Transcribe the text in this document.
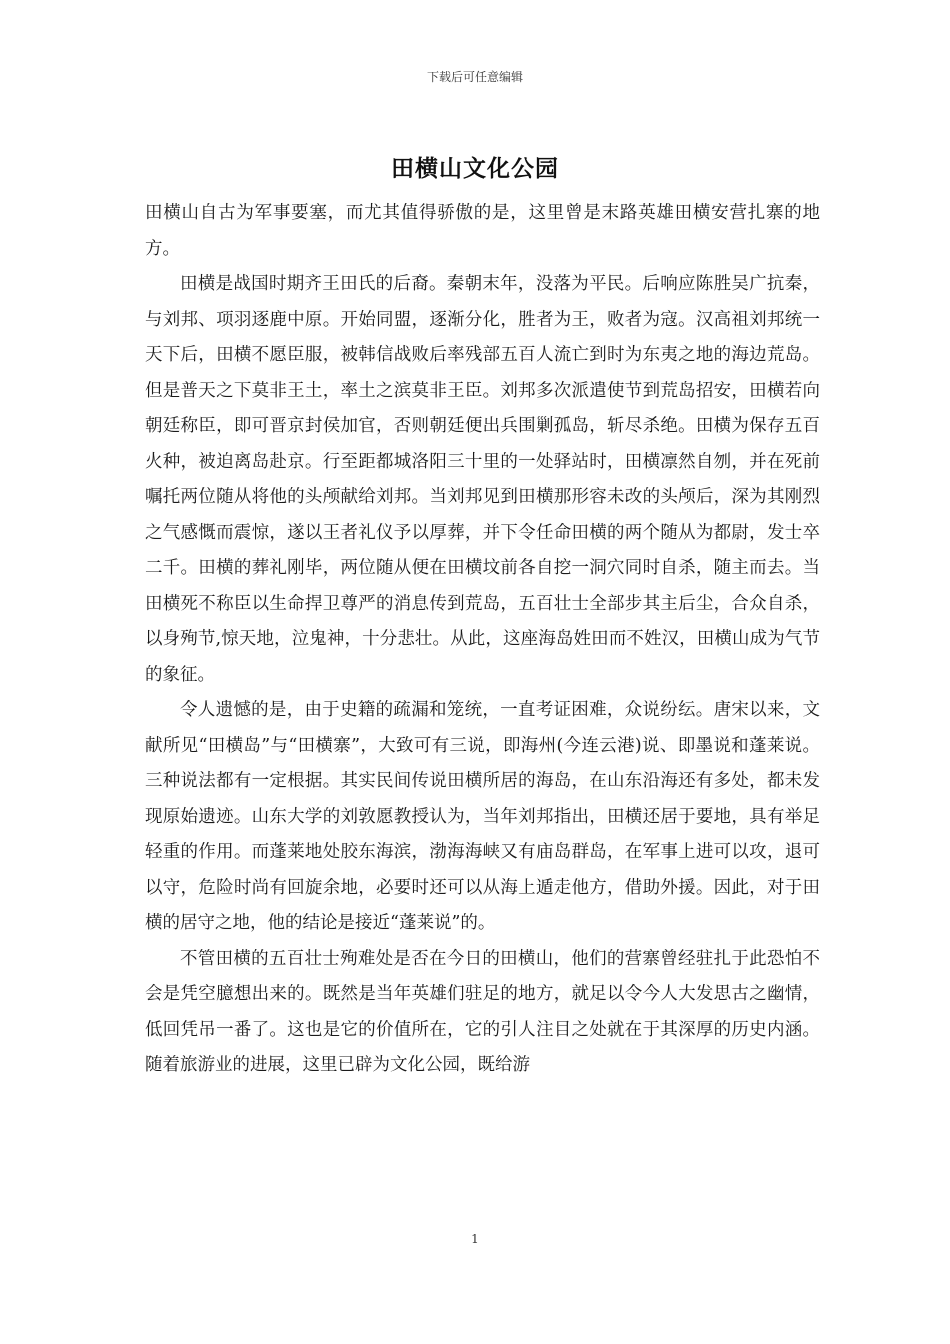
下载后可任意编辑
田横山文化公园

田横山自古为军事要塞，而尤其值得骄傲的是，这里曾是末路英雄田横安营扎寨的地方。

田横是战国时期齐王田氏的后裔。秦朝末年，没落为平民。后响应陈胜吴广抗秦，与刘邦、项羽逐鹿中原。开始同盟，逐渐分化，胜者为王，败者为寇。汉高祖刘邦统一天下后，田横不愿臣服，被韩信战败后率残部五百人流亡到时为东夷之地的海边荒岛。但是普天之下莫非王土，率土之滨莫非王臣。刘邦多次派遣使节到荒岛招安，田横若向朝廷称臣，即可晋京封侯加官，否则朝廷便出兵围剿孤岛，斩尽杀绝。田横为保存五百火种，被迫离岛赴京。行至距都城洛阳三十里的一处驿站时，田横凛然自刎，并在死前嘱托两位随从将他的头颅献给刘邦。当刘邦见到田横那形容未改的头颅后，深为其刚烈之气感慨而震惊，遂以王者礼仪予以厚葬，并下令任命田横的两个随从为都尉，发士卒二千。田横的葬礼刚毕，两位随从便在田横坟前各自挖一洞穴同时自杀，随主而去。当田横死不称臣以生命捍卫尊严的消息传到荒岛，五百壮士全部步其主后尘，合众自杀，以身殉节,惊天地，泣鬼神，十分悲壮。从此，这座海岛姓田而不姓汉，田横山成为气节的象征。

令人遗憾的是，由于史籍的疏漏和笼统，一直考证困难，众说纷纭。唐宋以来，文献所见“田横岛”与“田横寨”，大致可有三说，即海州(今连云港)说、即墨说和蓬莱说。三种说法都有一定根据。其实民间传说田横所居的海岛，在山东沿海还有多处，都未发现原始遗迹。山东大学的刘敦愿教授认为，当年刘邦指出，田横还居于要地，具有举足轻重的作用。而蓬莱地处胶东海滨，渤海海峡又有庙岛群岛，在军事上进可以攻，退可以守，危险时尚有回旋余地，必要时还可以从海上遁走他方，借助外援。因此，对于田横的居守之地，他的结论是接近“蓬莱说”的。

不管田横的五百壮士殉难处是否在今日的田横山，他们的营寨曾经驻扎于此恐怕不会是凭空臆想出来的。既然是当年英雄们驻足的地方，就足以令今人大发思古之幽情，低回凭吊一番了。这也是它的价值所在，它的引人注目之处就在于其深厚的历史内涵。随着旅游业的进展，这里已辟为文化公园，既给游

1
